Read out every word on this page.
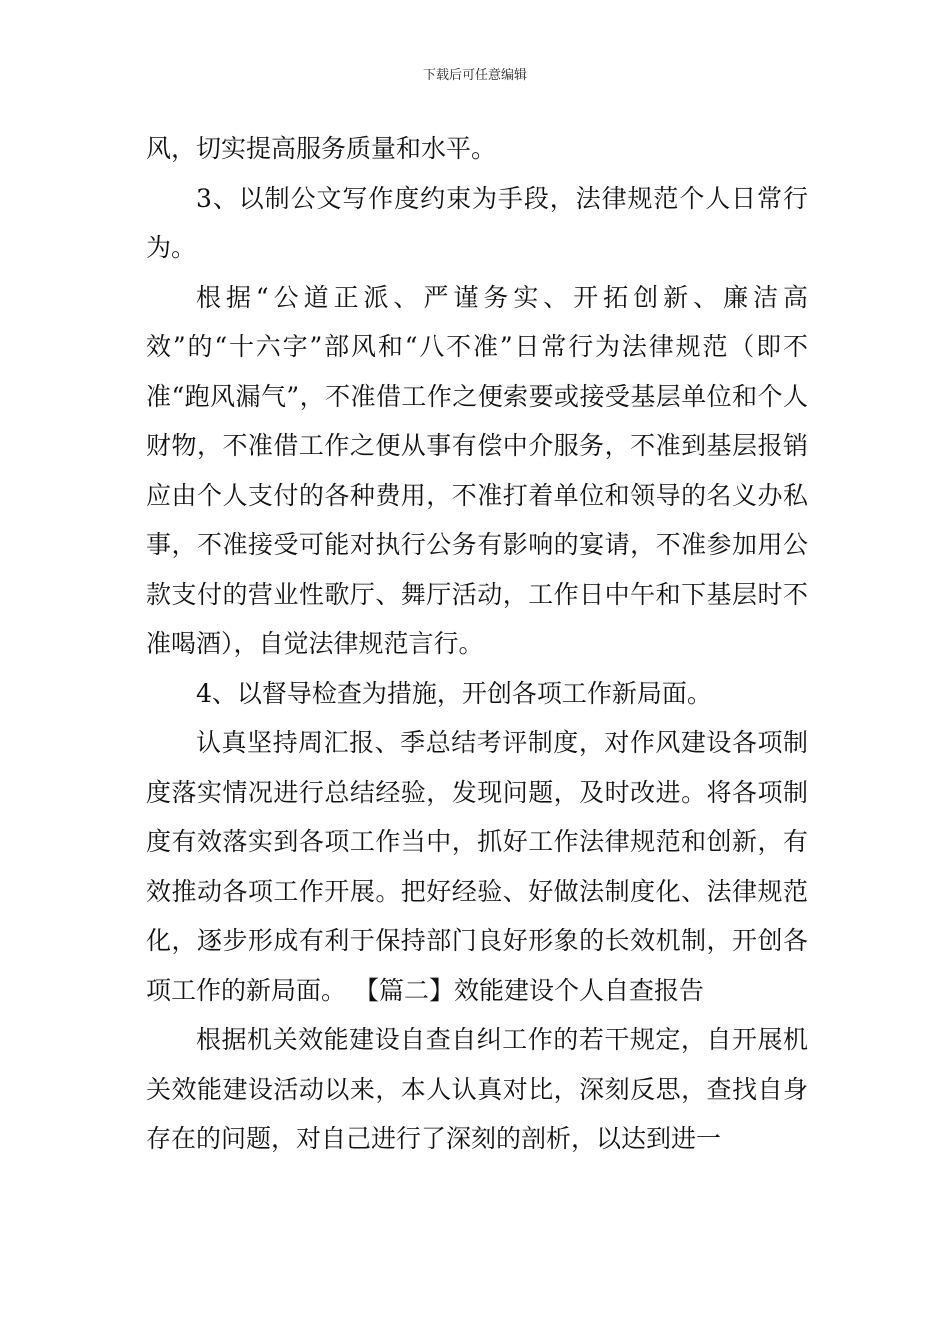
下载后可任意编辑

风，切实提高服务质量和水平。

3、以制公文写作度约束为手段，法律规范个人日常行为。

根据“公道正派、严谨务实、开拓创新、廉洁高效”的“十六字”部风和“八不准”日常行为法律规范（即不准“跑风漏气”，不准借工作之便索要或接受基层单位和个人财物，不准借工作之便从事有偿中介服务，不准到基层报销应由个人支付的各种费用，不准打着单位和领导的名义办私事，不准接受可能对执行公务有影响的宴请，不准参加用公款支付的营业性歌厅、舞厅活动，工作日中午和下基层时不准喝酒），自觉法律规范言行。

4、以督导检查为措施，开创各项工作新局面。

认真坚持周汇报、季总结考评制度，对作风建设各项制度落实情况进行总结经验，发现问题，及时改进。将各项制度有效落实到各项工作当中，抓好工作法律规范和创新，有效推动各项工作开展。把好经验、好做法制度化、法律规范化，逐步形成有利于保持部门良好形象的长效机制，开创各项工作的新局面。 【篇二】效能建设个人自查报告

根据机关效能建设自查自纠工作的若干规定，自开展机关效能建设活动以来，本人认真对比，深刻反思，查找自身存在的问题，对自己进行了深刻的剖析，以达到进一
